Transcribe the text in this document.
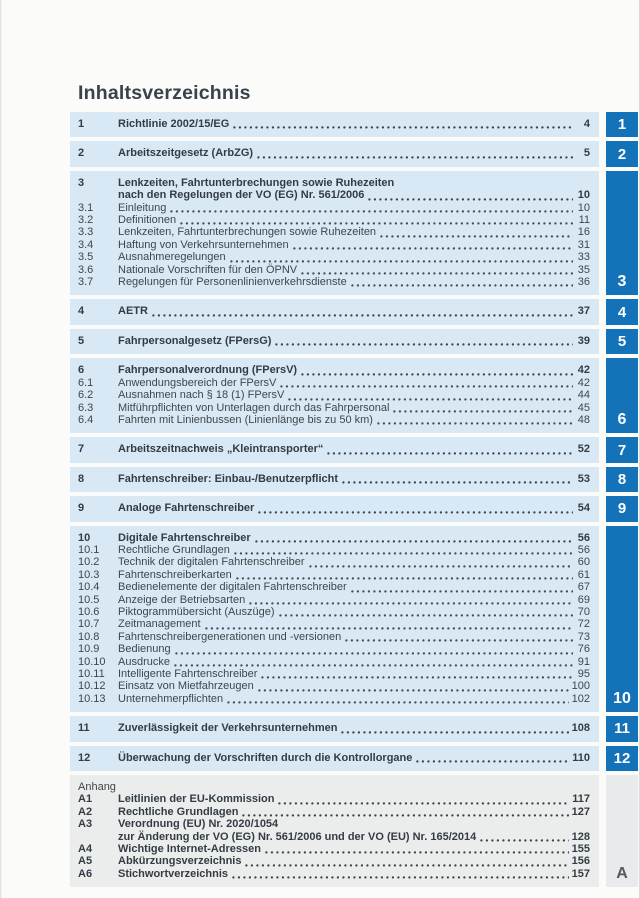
Inhaltsverzeichnis
1	Richtlinie 2002/15/EG	4 1
2	Arbeitszeitgesetz (ArbZG)	5 2
3	Lenkzeiten, Fahrtunterbrechungen sowie Ruhezeiten
nach den Regelungen der VO (EG) Nr. 561/2006	10
3.1	Einleitung	10
3.2	Definitionen	11
3.3	Lenkzeiten, Fahrtunterbrechungen sowie Ruhezeiten	16
3.4	Haftung von Verkehrsunternehmen	31
3.5	Ausnahmeregelungen	33
3.6	Nationale Vorschriften für den ÖPNV	35
3.7	Regelungen für Personenlinienverkehrsdienste	36 3
4	AETR	37 4
5	Fahrpersonalgesetz (FPersG)	39 5
6	Fahrpersonalverordnung (FPersV)	42
6.1	Anwendungsbereich der FPersV	42
6.2	Ausnahmen nach § 18 (1) FPersV	44
6.3	Mitführpflichten von Unterlagen durch das Fahrpersonal	45
6.4	Fahrten mit Linienbussen (Linienlänge bis zu 50 km)	48 6
7	Arbeitszeitnachweis „Kleintransporter“	52 7
8	Fahrtenschreiber: Einbau-/Benutzerpflicht	53 8
9	Analoge Fahrtenschreiber	54 9
10	Digitale Fahrtenschreiber	56
10.1	Rechtliche Grundlagen	56
10.2	Technik der digitalen Fahrtenschreiber	60
10.3	Fahrtenschreiberkarten	61
10.4	Bedienelemente der digitalen Fahrtenschreiber	67
10.5	Anzeige der Betriebsarten	69
10.6	Piktogrammübersicht (Auszüge)	70
10.7	Zeitmanagement	72
10.8	Fahrtenschreibergenerationen und -versionen	73
10.9	Bedienung	76
10.10	Ausdrucke	91
10.11	Intelligente Fahrtenschreiber	95
10.12	Einsatz von Mietfahrzeugen	100
10.13	Unternehmerpflichten	102 10
11	Zuverlässigkeit der Verkehrsunternehmen	108 11
12	Überwachung der Vorschriften durch die Kontrollorgane	110 12
Anhang
A1	Leitlinien der EU-Kommission	117
A2	Rechtliche Grundlagen	127
A3	Verordnung (EU) Nr. 2020/1054
zur Änderung der VO (EG) Nr. 561/2006 und der VO (EU) Nr. 165/2014	128
A4	Wichtige Internet-Adressen	155
A5	Abkürzungsverzeichnis	156
A6	Stichwortverzeichnis	157 A
